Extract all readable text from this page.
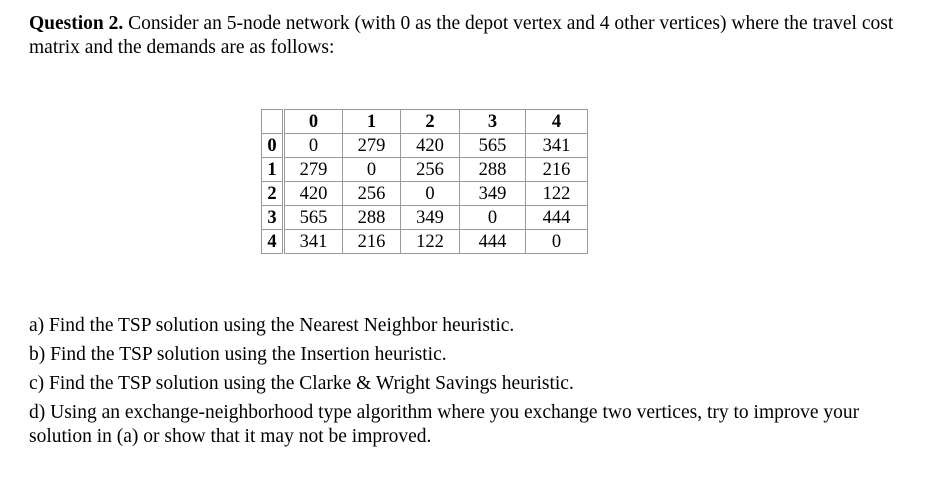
Question 2. Consider an 5-node network (with 0 as the depot vertex and 4 other vertices) where the travel cost matrix and the demands are as follows:

	0	1	2	3	4
0	0	279	420	565	341
1	279	0	256	288	216
2	420	256	0	349	122
3	565	288	349	0	444
4	341	216	122	444	0

a) Find the TSP solution using the Nearest Neighbor heuristic.

b) Find the TSP solution using the Insertion heuristic.

c) Find the TSP solution using the Clarke & Wright Savings heuristic.

d) Using an exchange-neighborhood type algorithm where you exchange two vertices, try to improve your solution in (a) or show that it may not be improved.
